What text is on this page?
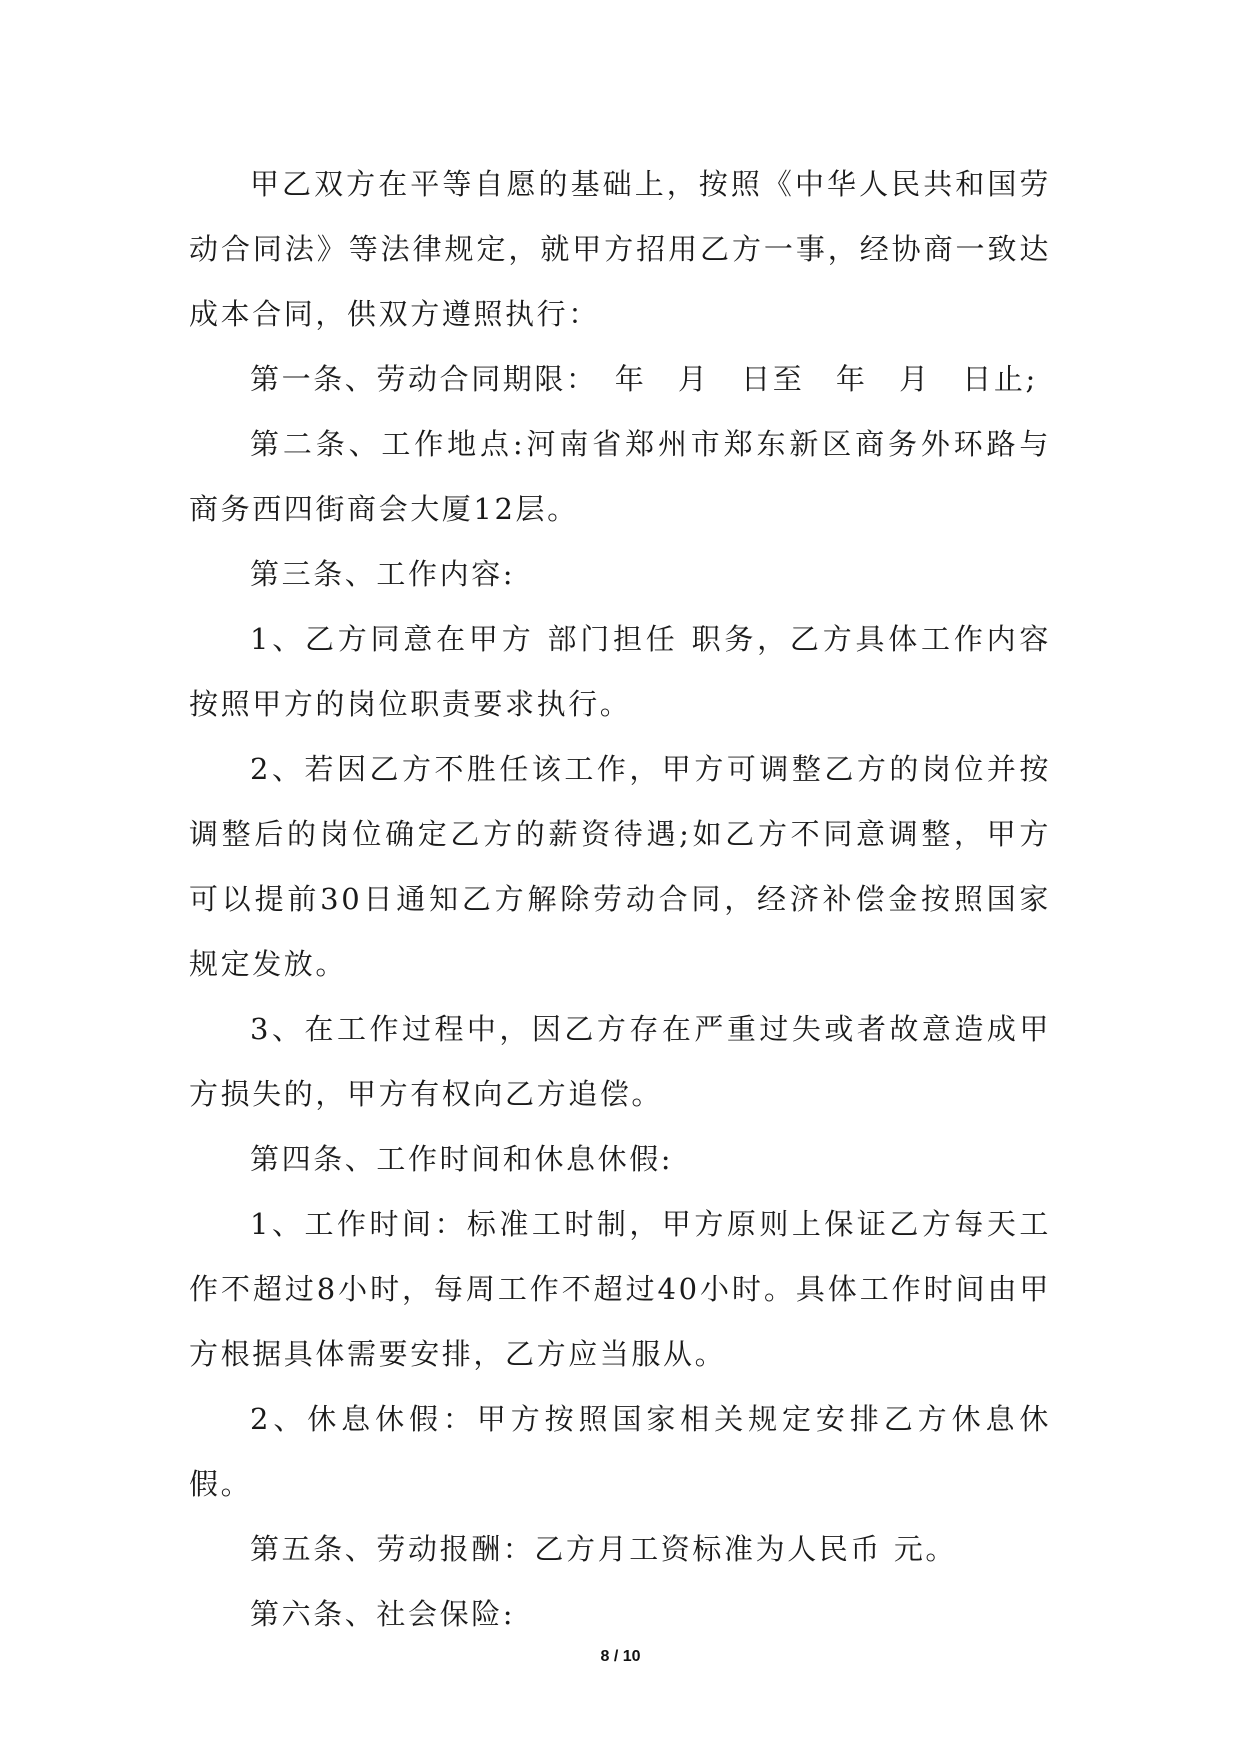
甲乙双方在平等自愿的基础上，按照《中华人民共和国劳动合同法》等法律规定，就甲方招用乙方一事，经协商一致达成本合同，供双方遵照执行：

第一条、劳动合同期限：　年　月　日至　年　月　日止;

第二条、工作地点:河南省郑州市郑东新区商务外环路与商务西四街商会大厦12层。

第三条、工作内容:

1、乙方同意在甲方 部门担任 职务，乙方具体工作内容按照甲方的岗位职责要求执行。

2、若因乙方不胜任该工作，甲方可调整乙方的岗位并按调整后的岗位确定乙方的薪资待遇;如乙方不同意调整，甲方可以提前30日通知乙方解除劳动合同，经济补偿金按照国家规定发放。

3、在工作过程中，因乙方存在严重过失或者故意造成甲方损失的，甲方有权向乙方追偿。

第四条、工作时间和休息休假:

1、工作时间：标准工时制，甲方原则上保证乙方每天工作不超过8小时，每周工作不超过40小时。具体工作时间由甲方根据具体需要安排，乙方应当服从。

2、休息休假：甲方按照国家相关规定安排乙方休息休假。

第五条、劳动报酬：乙方月工资标准为人民币 元。

第六条、社会保险:

8 / 10
